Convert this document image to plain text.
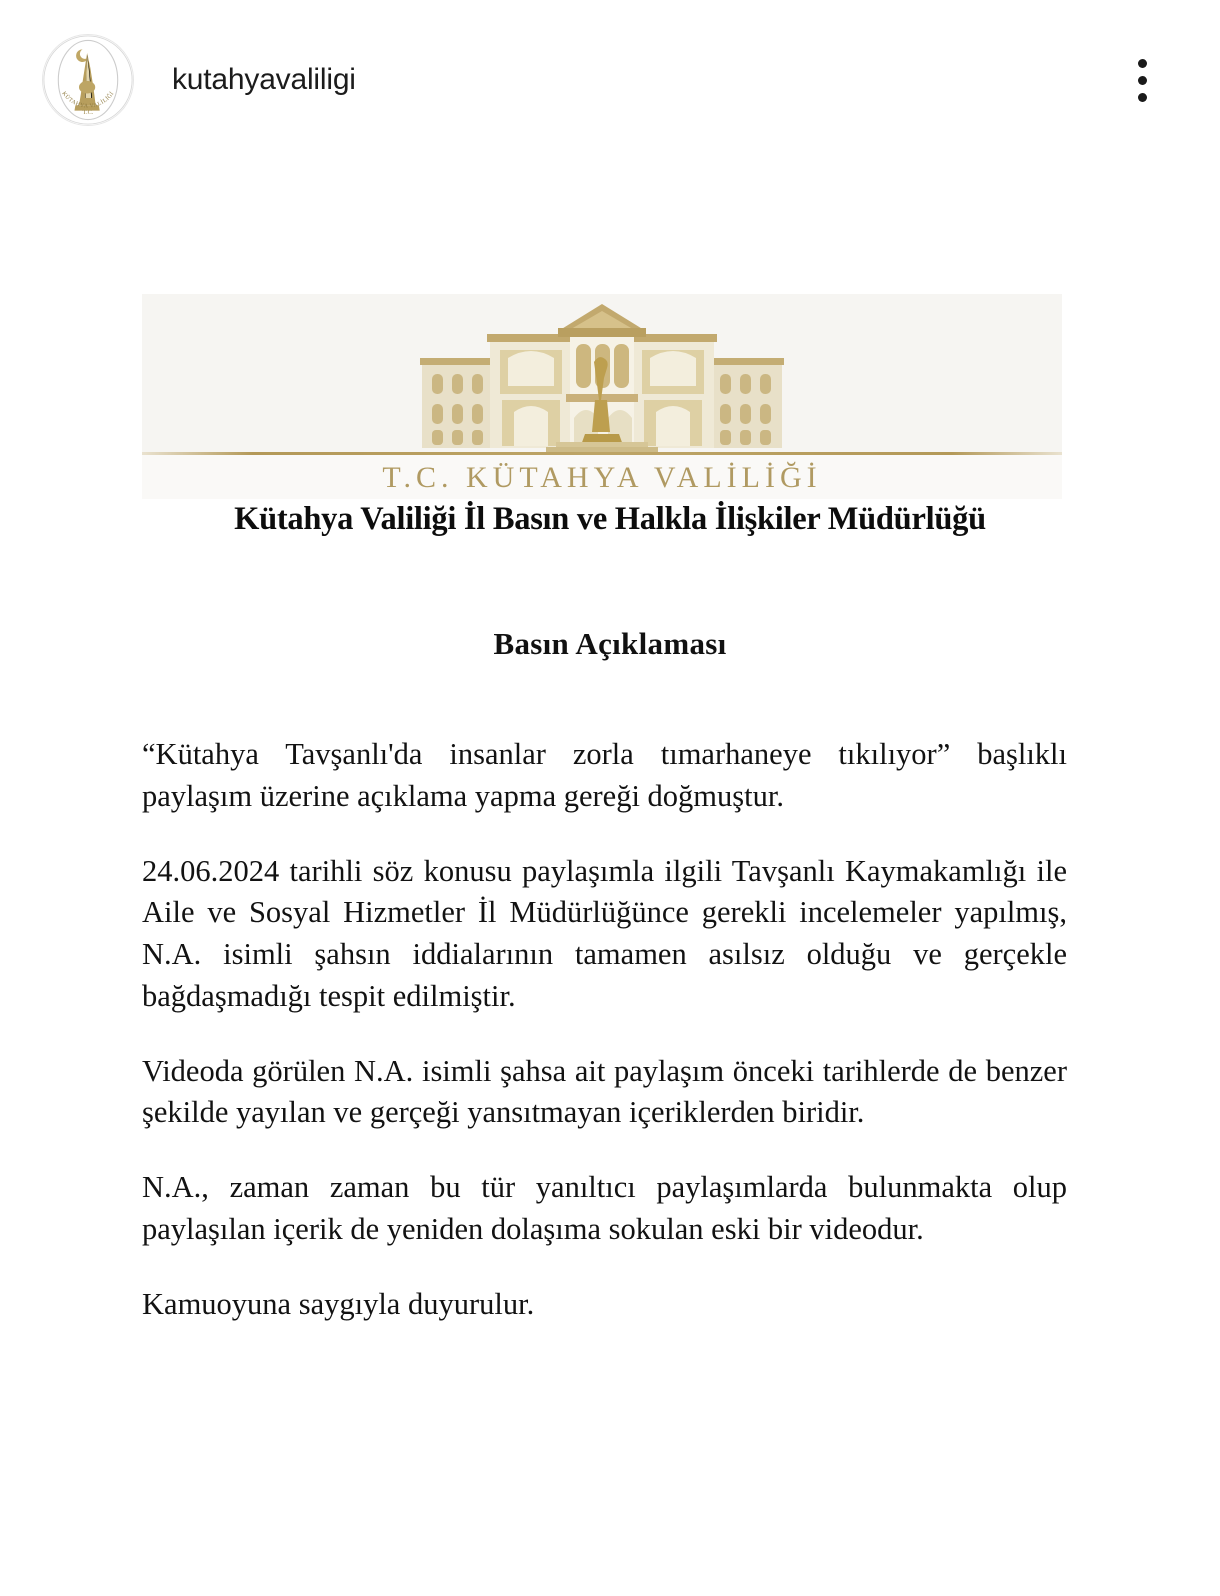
T.C.
KÜTAHYA VALİLİĞİ kutahyavaliligi
T.C. KÜTAHYA VALİLİĞİ
Kütahya Valiliği İl Basın ve Halkla İlişkiler Müdürlüğü
Basın Açıklaması

“Kütahya Tavşanlı'da insanlar zorla tımarhaneye tıkılıyor” başlıklı paylaşım üzerine açıklama yapma gereği doğmuştur.

24.06.2024 tarihli söz konusu paylaşımla ilgili Tavşanlı Kaymakamlığı ile Aile ve Sosyal Hizmetler İl Müdürlüğünce gerekli incelemeler yapılmış, N.A. isimli şahsın iddialarının tamamen asılsız olduğu ve gerçekle bağdaşmadığı tespit edilmiştir.

Videoda görülen N.A. isimli şahsa ait paylaşım önceki tarihlerde de benzer şekilde yayılan ve gerçeği yansıtmayan içeriklerden biridir.

N.A., zaman zaman bu tür yanıltıcı paylaşımlarda bulunmakta olup paylaşılan içerik de yeniden dolaşıma sokulan eski bir videodur.

Kamuoyuna saygıyla duyurulur.
